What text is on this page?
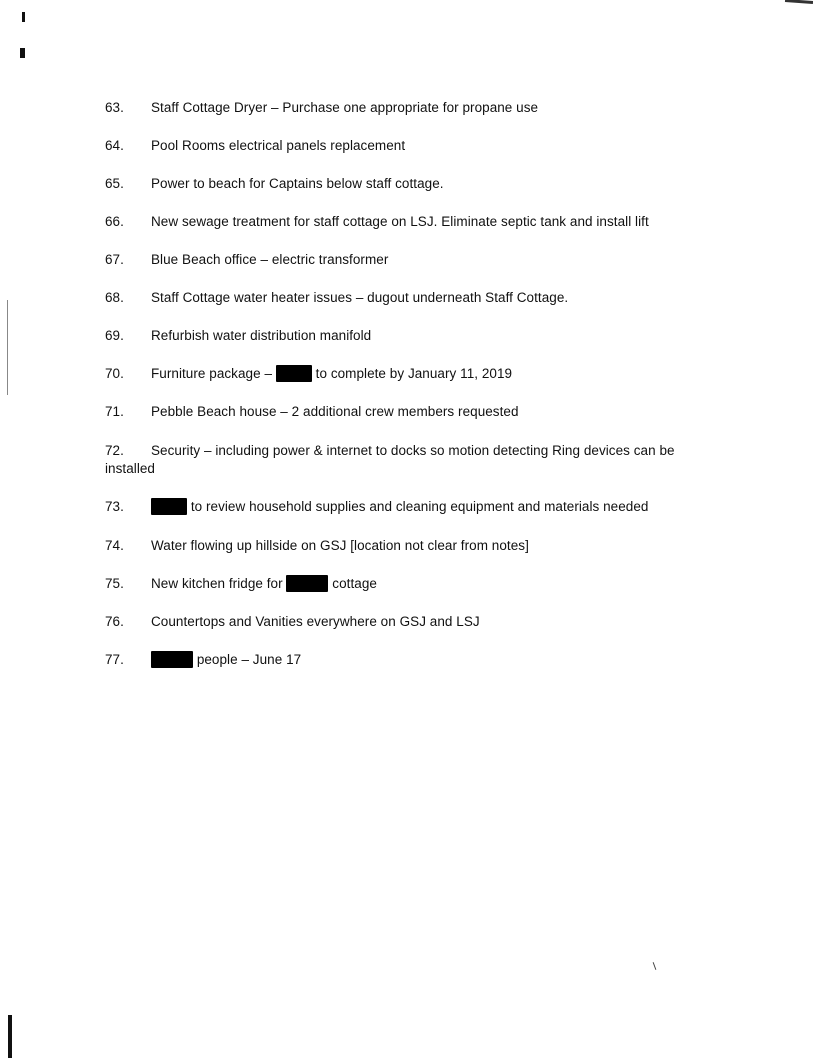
63. Staff Cottage Dryer – Purchase one appropriate for propane use
64. Pool Rooms electrical panels replacement
65. Power to beach for Captains below staff cottage.
66. New sewage treatment for staff cottage on LSJ. Eliminate septic tank and install lift
67. Blue Beach office – electric transformer
68. Staff Cottage water heater issues – dugout underneath Staff Cottage.
69. Refurbish water distribution manifold
70. Furniture package –	to complete by January 11, 2019
71. Pebble Beach house – 2 additional crew members requested
72. Security – including power & internet to docks so motion detecting Ring devices can be
installed
73.	to review household supplies and cleaning equipment and materials needed
74. Water flowing up hillside on GSJ [location not clear from notes]
75. New kitchen fridge for	cottage
76. Countertops and Vanities everywhere on GSJ and LSJ
77.	people – June 17
